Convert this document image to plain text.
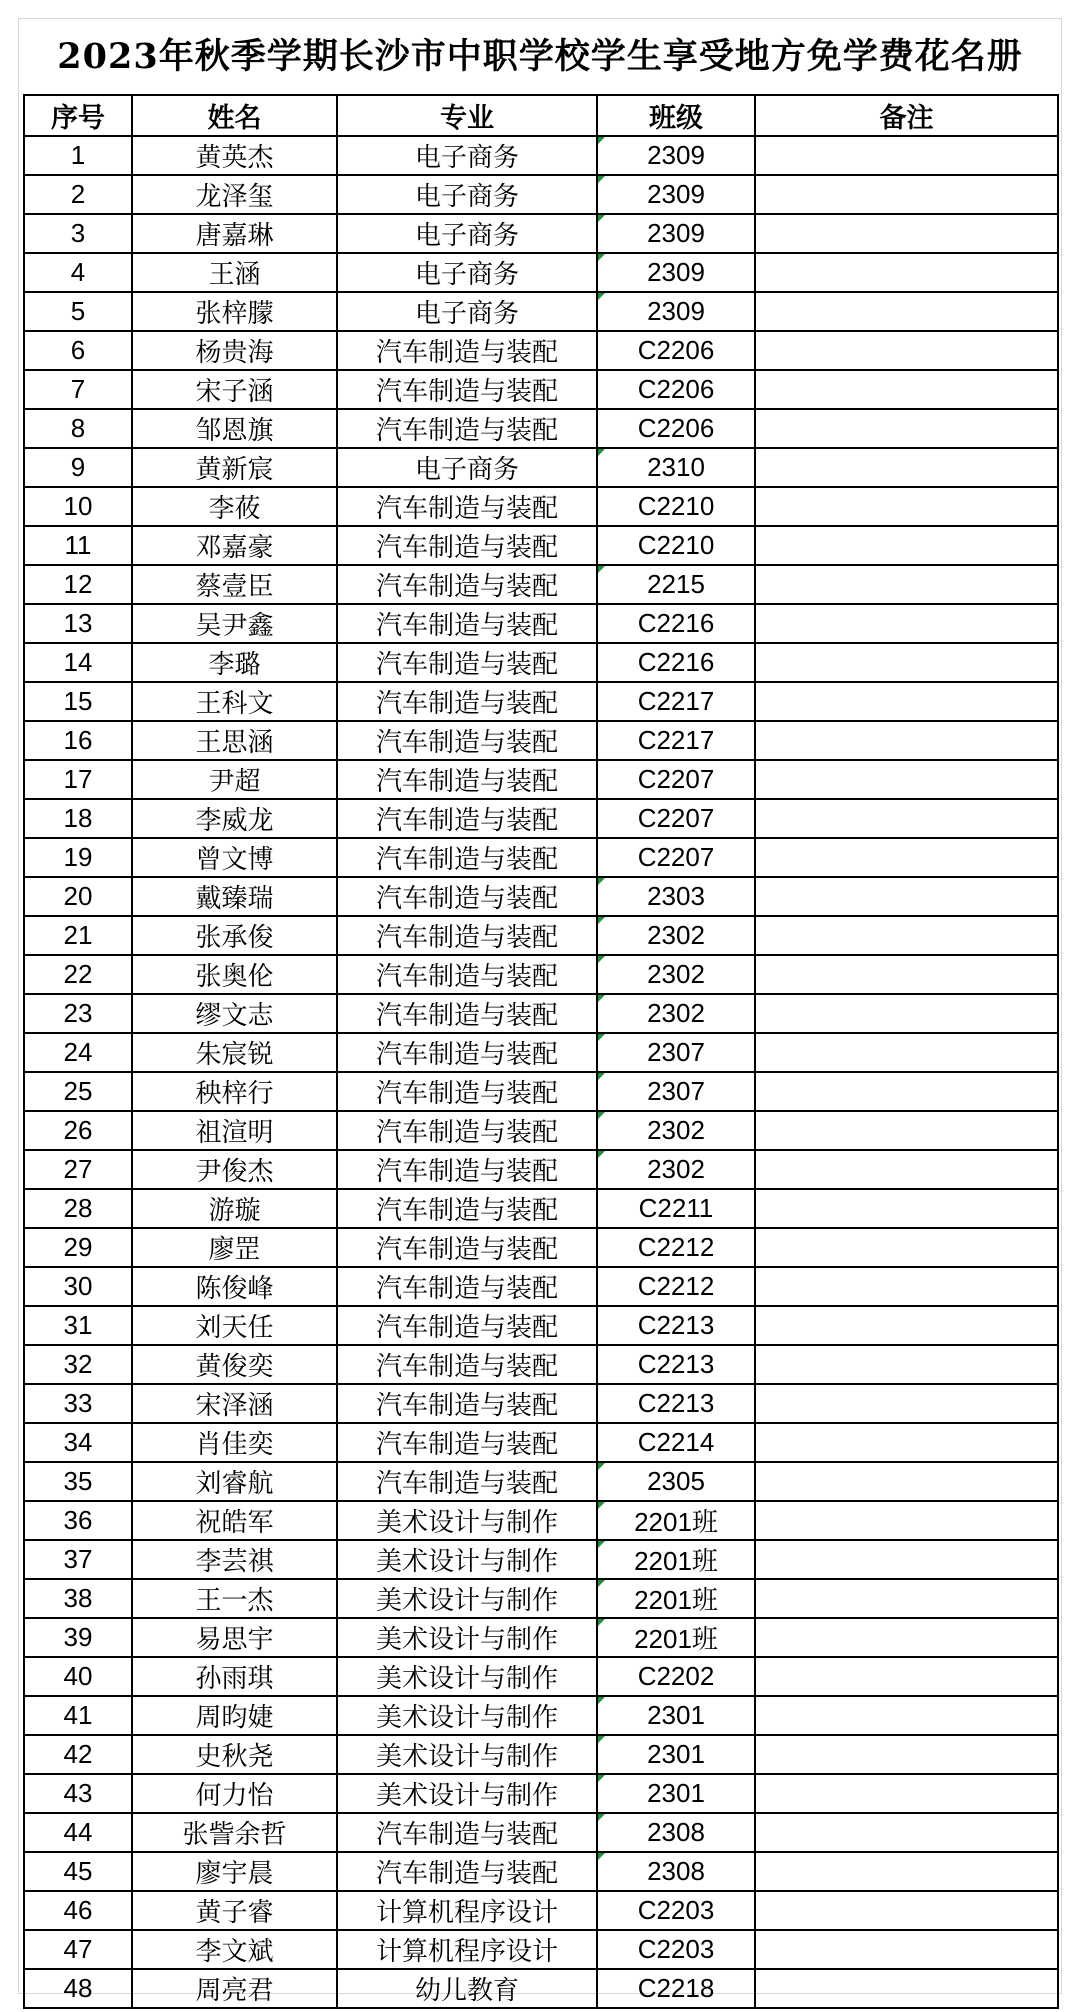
2023年秋季学期长沙市中职学校学生享受地方免学费花名册
序号	姓名	专业	班级	备注
1	黄英杰	电子商务	2309	
2	龙泽玺	电子商务	2309	
3	唐嘉琳	电子商务	2309	
4	王涵	电子商务	2309	
5	张梓朦	电子商务	2309	
6	杨贵海	汽车制造与装配	C2206	
7	宋子涵	汽车制造与装配	C2206	
8	邹恩旗	汽车制造与装配	C2206	
9	黄新宸	电子商务	2310	
10	李莜	汽车制造与装配	C2210	
11	邓嘉豪	汽车制造与装配	C2210	
12	蔡壹臣	汽车制造与装配	2215	
13	吴尹鑫	汽车制造与装配	C2216	
14	李璐	汽车制造与装配	C2216	
15	王科文	汽车制造与装配	C2217	
16	王思涵	汽车制造与装配	C2217	
17	尹超	汽车制造与装配	C2207	
18	李威龙	汽车制造与装配	C2207	
19	曾文博	汽车制造与装配	C2207	
20	戴臻瑞	汽车制造与装配	2303	
21	张承俊	汽车制造与装配	2302	
22	张奥伦	汽车制造与装配	2302	
23	缪文志	汽车制造与装配	2302	
24	朱宸锐	汽车制造与装配	2307	
25	秧梓行	汽车制造与装配	2307	
26	祖渲明	汽车制造与装配	2302	
27	尹俊杰	汽车制造与装配	2302	
28	游璇	汽车制造与装配	C2211	
29	廖罡	汽车制造与装配	C2212	
30	陈俊峰	汽车制造与装配	C2212	
31	刘天任	汽车制造与装配	C2213	
32	黄俊奕	汽车制造与装配	C2213	
33	宋泽涵	汽车制造与装配	C2213	
34	肖佳奕	汽车制造与装配	C2214	
35	刘睿航	汽车制造与装配	2305	
36	祝皓军	美术设计与制作	2201班	
37	李芸祺	美术设计与制作	2201班	
38	王一杰	美术设计与制作	2201班	
39	易思宇	美术设计与制作	2201班	
40	孙雨琪	美术设计与制作	C2202	
41	周昀婕	美术设计与制作	2301	
42	史秋尧	美术设计与制作	2301	
43	何力怡	美术设计与制作	2301	
44	张訾余哲	汽车制造与装配	2308	
45	廖宇晨	汽车制造与装配	2308	
46	黄子睿	计算机程序设计	C2203	
47	李文斌	计算机程序设计	C2203	
48	周亮君	幼儿教育	C2218	
